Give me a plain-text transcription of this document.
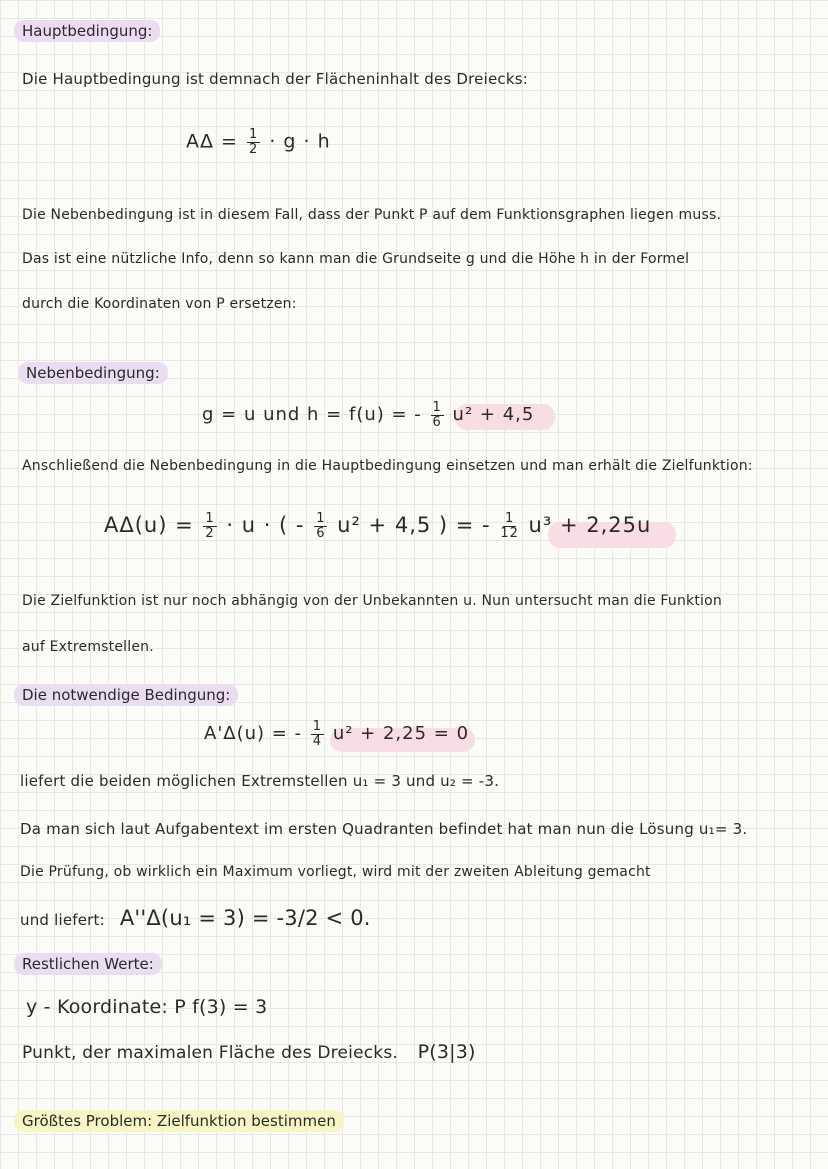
Hauptbedingung:
Die Hauptbedingung ist demnach der Flächeninhalt des Dreiecks:
$A\Delta = \frac{1}{2} \cdot g \cdot h$
Die Nebenbedingung ist in diesem Fall, dass der Punkt P auf dem Funktionsgraphen liegen muss.
Das ist eine nützliche Info, denn so kann man die Grundseite g und die Höhe h in der Formel
durch die Koordinaten von P ersetzen:
Nebenbedingung:
g = u und h = f(u) = - $\frac{1}{6} u^2 + 4,5$
Anschließend die Nebenbedingung in die Hauptbedingung einsetzen und man erhält die Zielfunktion:
$A\Delta(u) = \frac{1}{2} \cdot u$ · ( - $\frac{1}{6} u^2 + 4,5$ ) = - $\frac{1}{12} u^3 + 2,25u$
Die Zielfunktion ist nur noch abhängig von der Unbekannten u. Nun untersucht man die Funktion
auf Extremstellen.
Die notwendige Bedingung:
A'Δ(u) = - $\frac{1}{4} u^2 + 2,25 = 0$
liefert die beiden möglichen Extremstellen u₁ = 3 und u₂ = -3.
Da man sich laut Aufgabentext im ersten Quadranten befindet hat man nun die Lösung u₁= 3.
Die Prüfung, ob wirklich ein Maximum vorliegt, wird mit der zweiten Ableitung gemacht
und liefert: A''Δ(u₁ = 3) = -3/2 < 0.
Restlichen Werte:
y - Koordinate: P f(3) = 3
Punkt, der maximalen Fläche des Dreiecks. P(3|3)
Größtes Problem: Zielfunktion bestimmen
